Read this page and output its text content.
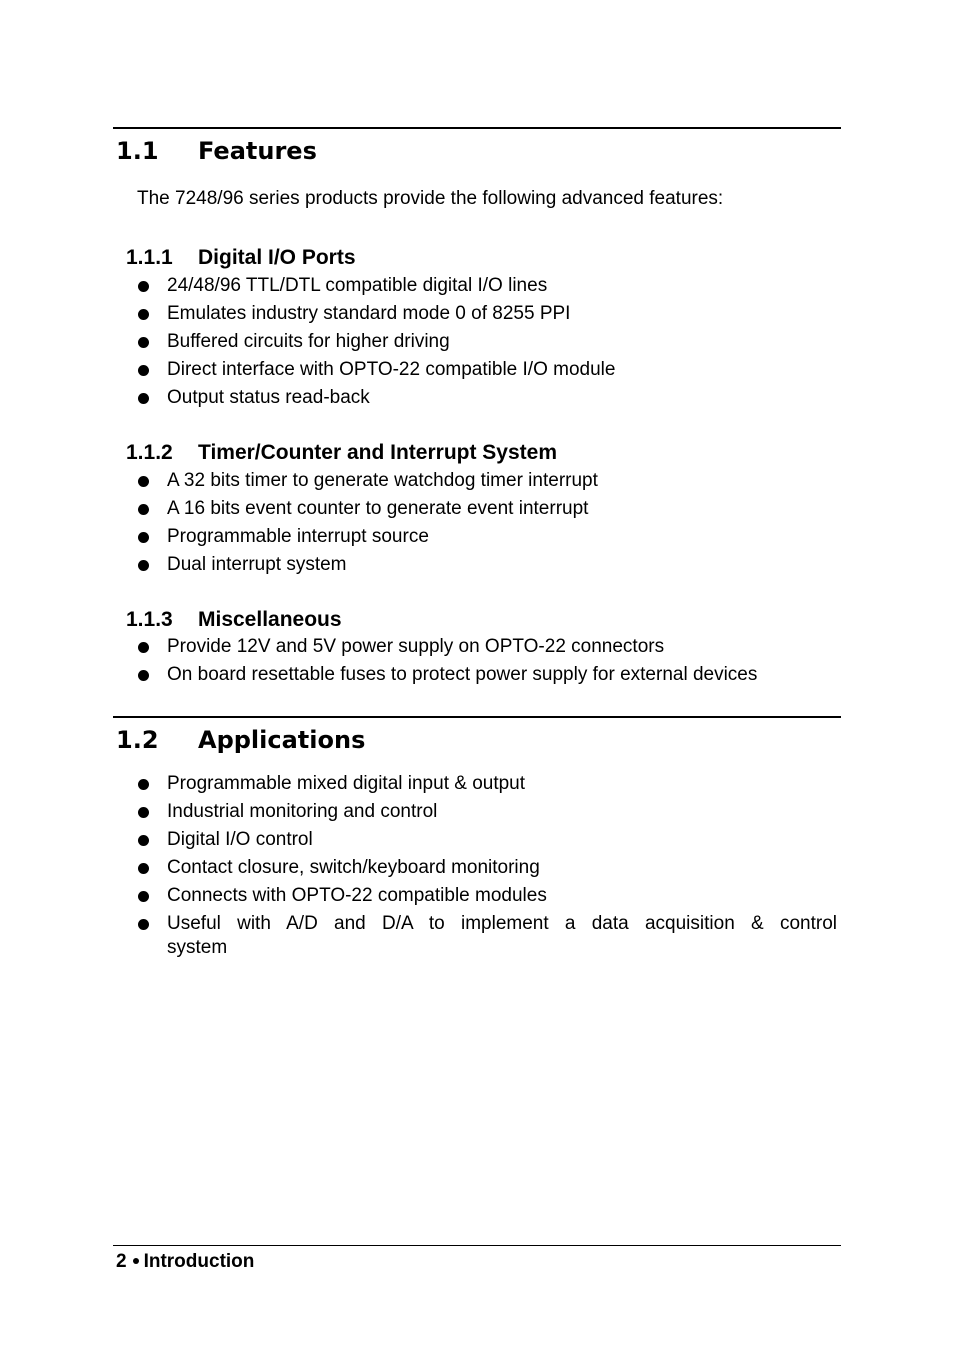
1.1 Features
The 7248/96 series products provide the following advanced features:
1.1.1 Digital I/O Ports
24/48/96 TTL/DTL compatible digital I/O lines
Emulates industry standard mode 0 of 8255 PPI
Buffered circuits for higher driving
Direct interface with OPTO-22 compatible I/O module
Output status read-back
1.1.2 Timer/Counter and Interrupt System
A 32 bits timer to generate watchdog timer interrupt
A 16 bits event counter to generate event interrupt
Programmable interrupt source
Dual interrupt system
1.1.3 Miscellaneous
Provide 12V and 5V power supply on OPTO-22 connectors
On board resettable fuses to protect power supply for external devices
1.2 Applications
Programmable mixed digital input & output
Industrial monitoring and control
Digital I/O control
Contact closure, switch/keyboard monitoring
Connects with OPTO-22 compatible modules
Useful with A/D and D/A to implement a data acquisition & control system
2 Introduction
